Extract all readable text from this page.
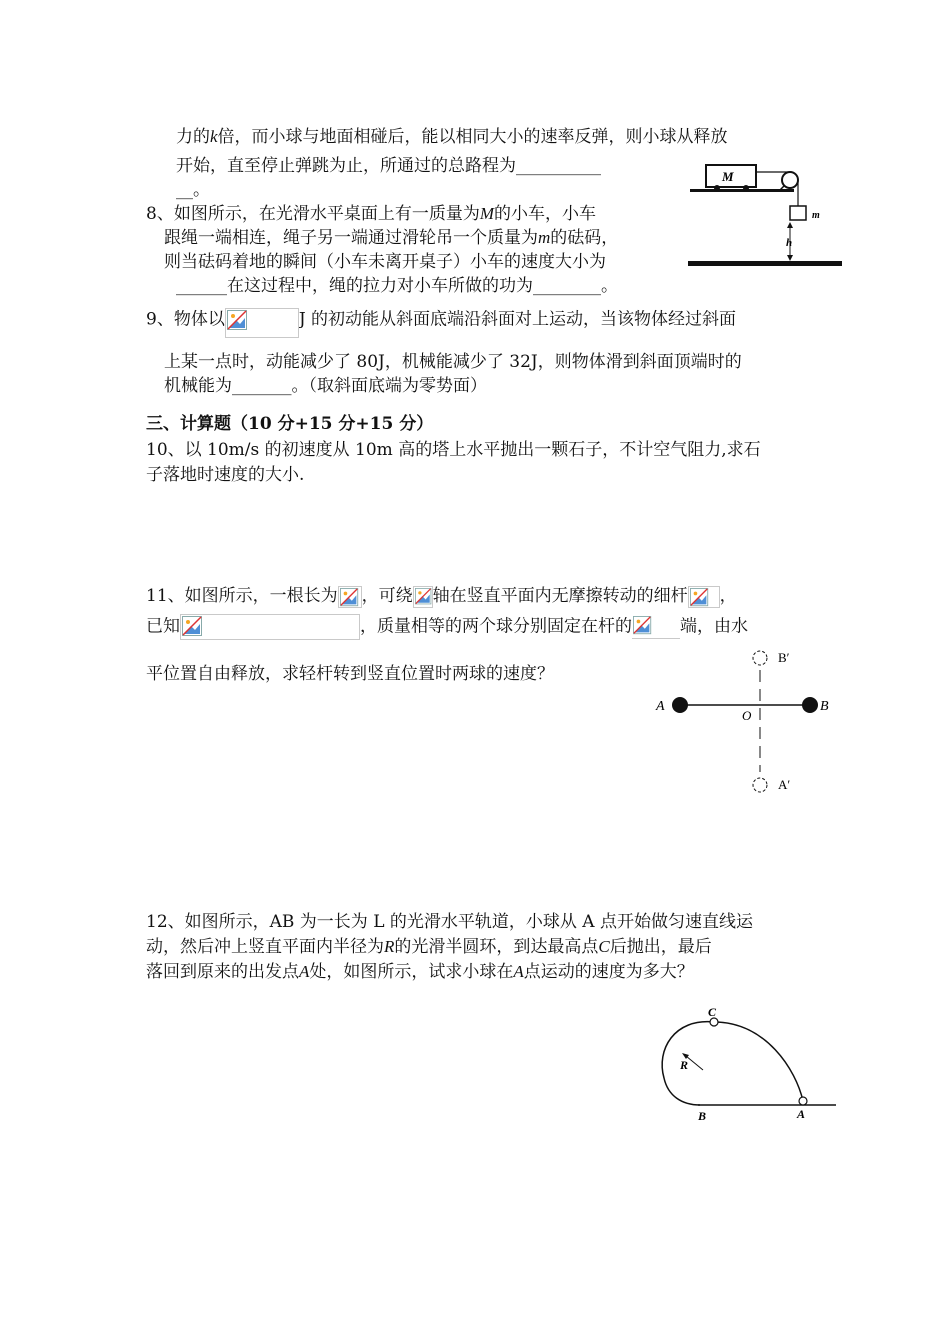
力的k倍，而小球与地面相碰后，能以相同大小的速率反弹，则小球从释放
开始，直至停止弹跳为止，所通过的总路程为__________
__。
8、如图所示，在光滑水平桌面上有一质量为M的小车，小车
跟绳一端相连，绳子另一端通过滑轮吊一个质量为m的砝码，
则当砝码着地的瞬间（小车未离开桌子）小车的速度大小为
______在这过程中，绳的拉力对小车所做的功为________。
M
m
h
9、物体以	J 的初动能从斜面底端沿斜面对上运动，当该物体经过斜面
上某一点时，动能减少了 80J，机械能减少了 32J，则物体滑到斜面顶端时的
机械能为_______。（取斜面底端为零势面）
三、计算题（10 分+15 分+15 分）
10、以 10m/s 的初速度从 10m 高的塔上水平抛出一颗石子，不计空气阻力,求石
子落地时速度的大小.
11、如图所示，一根长为 ，可绕 轴在竖直平面内无摩擦转动的细杆 ，
已知	，质量相等的两个球分别固定在杆的	端，由水
平位置自由释放，求轻杆转到竖直位置时两球的速度？
A	B
O
B′
A′
12、如图所示，AB 为一长为 L 的光滑水平轨道，小球从 A 点开始做匀速直线运
动，然后冲上竖直平面内半径为R的光滑半圆环，到达最高点C后抛出，最后
落回到原来的出发点A处，如图所示，试求小球在A点运动的速度为多大？
C
R
B	A
